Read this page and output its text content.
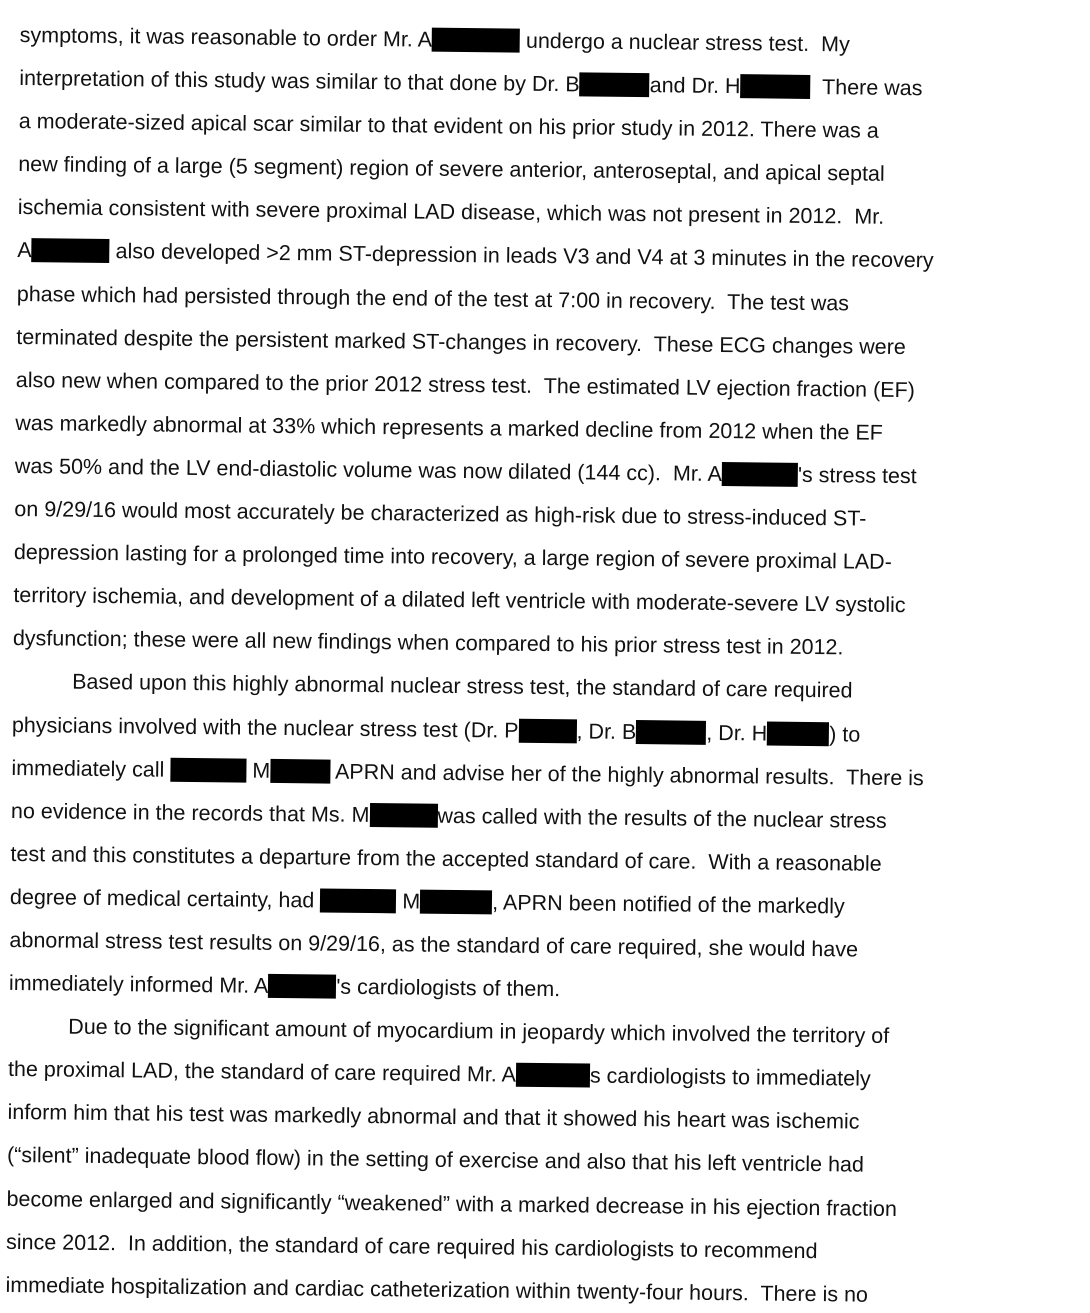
symptoms, it was reasonable to order Mr. A	undergo a nuclear stress test.  My
interpretation of this study was similar to that done by Dr. B	and Dr. H	There was
a moderate-sized apical scar similar to that evident on his prior study in 2012. There was a
new finding of a large (5 segment) region of severe anterior, anteroseptal, and apical septal
ischemia consistent with severe proximal LAD disease, which was not present in 2012.  Mr.
A	also developed >2 mm ST-depression in leads V3 and V4 at 3 minutes in the recovery
phase which had persisted through the end of the test at 7:00 in recovery.  The test was
terminated despite the persistent marked ST-changes in recovery.  These ECG changes were
also new when compared to the prior 2012 stress test.  The estimated LV ejection fraction (EF)
was markedly abnormal at 33% which represents a marked decline from 2012 when the EF
was 50% and the LV end-diastolic volume was now dilated (144 cc).  Mr. A	's stress test
on 9/29/16 would most accurately be characterized as high-risk due to stress-induced ST-
depression lasting for a prolonged time into recovery, a large region of severe proximal LAD-
territory ischemia, and development of a dilated left ventricle with moderate-severe LV systolic
dysfunction; these were all new findings when compared to his prior stress test in 2012.
Based upon this highly abnormal nuclear stress test, the standard of care required
physicians involved with the nuclear stress test (Dr. P	, Dr. B	, Dr. H	) to
immediately call	M	APRN and advise her of the highly abnormal results.  There is
no evidence in the records that Ms. M	was called with the results of the nuclear stress
test and this constitutes a departure from the accepted standard of care.  With a reasonable
degree of medical certainty, had	M	, APRN been notified of the markedly
abnormal stress test results on 9/29/16, as the standard of care required, she would have
immediately informed Mr. A	's cardiologists of them.
Due to the significant amount of myocardium in jeopardy which involved the territory of
the proximal LAD, the standard of care required Mr. A	s cardiologists to immediately
inform him that his test was markedly abnormal and that it showed his heart was ischemic
(“silent” inadequate blood flow) in the setting of exercise and also that his left ventricle had
become enlarged and significantly “weakened” with a marked decrease in his ejection fraction
since 2012.  In addition, the standard of care required his cardiologists to recommend
immediate hospitalization and cardiac catheterization within twenty-four hours.  There is no
